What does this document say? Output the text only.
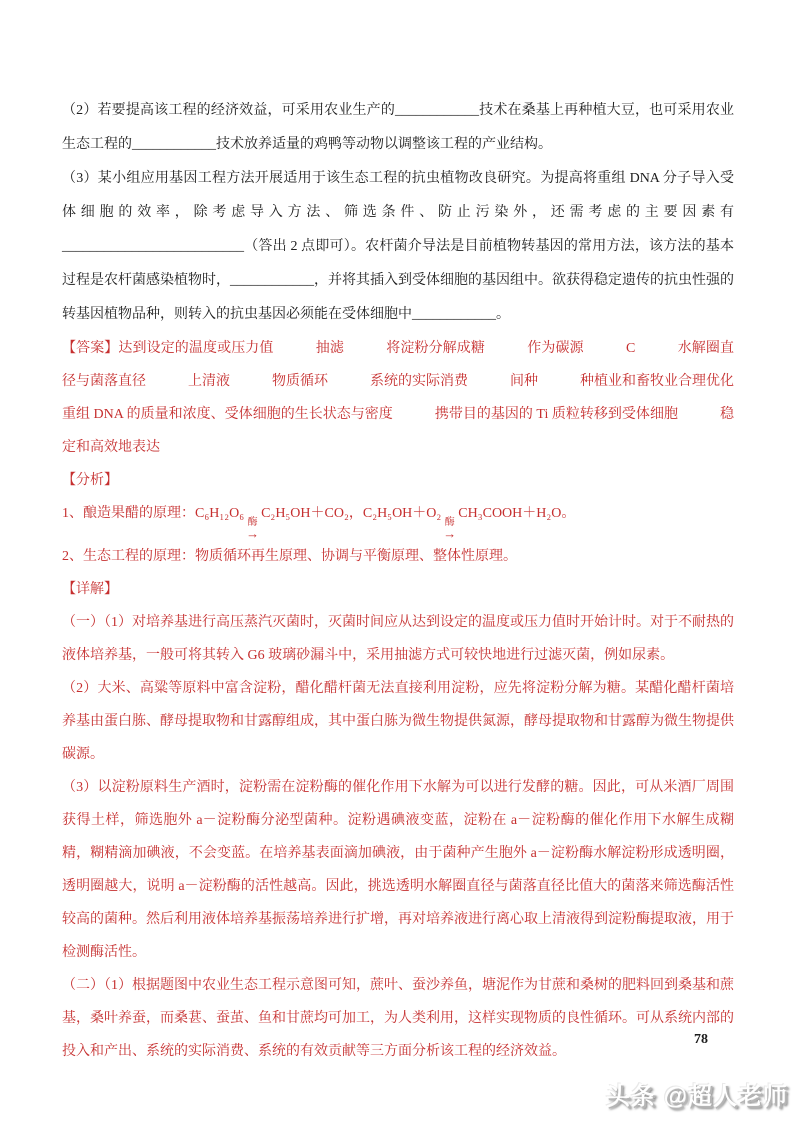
（2）若要提高该工程的经济效益，可采用农业生产的____________技术在桑基上再种植大豆，也可采用农业生态工程的____________技术放养适量的鸡鸭等动物以调整该工程的产业结构。

（3）某小组应用基因工程方法开展适用于该生态工程的抗虫植物改良研究。为提高将重组 DNA 分子导入受体细胞的效率，除考虑导入方法、筛选条件、防止污染外，还需考虑的主要因素有__________________________（答出 2 点即可）。农杆菌介导法是目前植物转基因的常用方法，该方法的基本过程是农杆菌感染植物时，____________，并将其插入到受体细胞的基因组中。欲获得稳定遗传的抗虫性强的转基因植物品种，则转入的抗虫基因必须能在受体细胞中____________。

【答案】达到设定的温度或压力值　　　抽滤　　　将淀粉分解成糖　　　作为碳源　　　C　　　水解圈直径与菌落直径　　　上清液　　　物质循环　　　系统的实际消费　　　间种　　　种植业和畜牧业合理优化　　　重组 DNA 的质量和浓度、受体细胞的生长状态与密度　　　携带目的基因的 Ti 质粒转移到受体细胞　　　稳定和高效地表达

【分析】

1、酿造果醋的原理：C₆H₁₂O₆
酶
→
C₂H₅OH＋CO₂，C₂H₅OH＋O₂
酶
→
CH₃COOH＋H₂O。

2、生态工程的原理：物质循环再生原理、协调与平衡原理、整体性原理。

【详解】

（一）（1）对培养基进行高压蒸汽灭菌时，灭菌时间应从达到设定的温度或压力值时开始计时。对于不耐热的液体培养基，一般可将其转入 G6 玻璃砂漏斗中，采用抽滤方式可较快地进行过滤灭菌，例如尿素。

（2）大米、高粱等原料中富含淀粉，醋化醋杆菌无法直接利用淀粉，应先将淀粉分解为糖。某醋化醋杆菌培养基由蛋白胨、酵母提取物和甘露醇组成，其中蛋白胨为微生物提供氮源，酵母提取物和甘露醇为微生物提供碳源。

（3）以淀粉原料生产酒时，淀粉需在淀粉酶的催化作用下水解为可以进行发酵的糖。因此，可从米酒厂周围获得土样，筛选胞外 a－淀粉酶分泌型菌种。淀粉遇碘液变蓝，淀粉在 a－淀粉酶的催化作用下水解生成糊精，糊精滴加碘液，不会变蓝。在培养基表面滴加碘液，由于菌种产生胞外 a－淀粉酶水解淀粉形成透明圈，透明圈越大，说明 a－淀粉酶的活性越高。因此，挑选透明水解圈直径与菌落直径比值大的菌落来筛选酶活性较高的菌种。然后利用液体培养基振荡培养进行扩增，再对培养液进行离心取上清液得到淀粉酶提取液，用于检测酶活性。

（二）（1）根据题图中农业生态工程示意图可知，蔗叶、蚕沙养鱼，塘泥作为甘蔗和桑树的肥料回到桑基和蔗基，桑叶养蚕，而桑葚、蚕茧、鱼和甘蔗均可加工，为人类利用，这样实现物质的良性循环。可从系统内部的投入和产出、系统的实际消费、系统的有效贡献等三方面分析该工程的经济效益。

78
头条 @超人老师
